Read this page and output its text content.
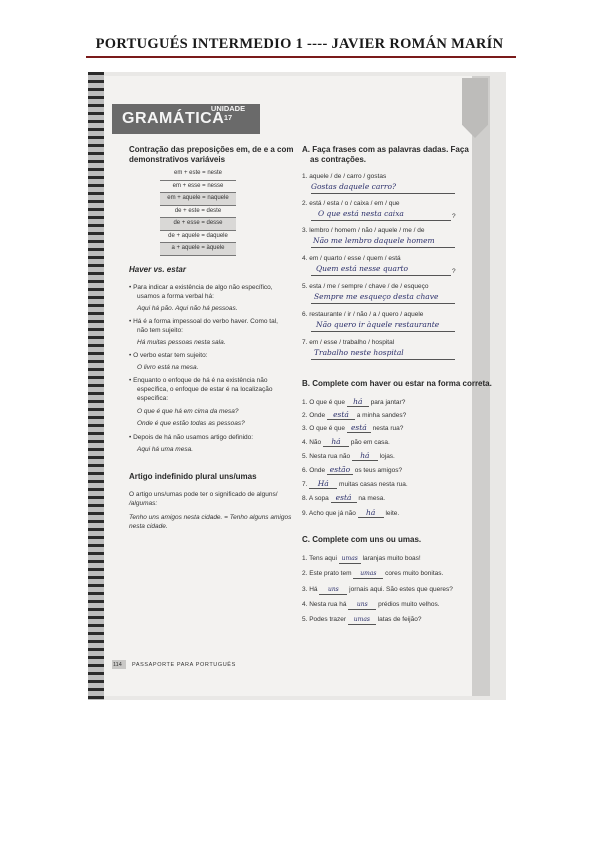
PORTUGUÉS INTERMEDIO 1 ---- JAVIER ROMÁN MARÍN
GRAMÁTICA
UNIDADE
17
Contração das preposições em, de e a com
demonstrativos variáveis
em + este = neste
em + esse = nesse
em + aquele = naquele
de + este = deste
de + esse = desse
de + aquele = daquele
a + aquele = àquele
Haver vs. estar
• Para indicar a existência de algo não específico,
usamos a forma verbal há:
Aqui há pão. Aqui não há pessoas.
• Há é a forma impessoal do verbo haver. Como tal,
não tem sujeito:
Há muitas pessoas nesta sala.
• O verbo estar tem sujeito:
O livro está na mesa.
• Enquanto o enfoque de há é na existência não
específica, o enfoque de estar é na localização
específica:
O que é que há em cima da mesa?
Onde é que estão todas as pessoas?
• Depois de há não usamos artigo definido:
Aqui há uma mesa.
Artigo indefinido plural uns/umas
O artigo uns/umas pode ter o significado de alguns/
/algumas:
Tenho uns amigos nesta cidade. = Tenho alguns amigos
nesta cidade.
114 PASSAPORTE PARA PORTUGUÊS
A. Faça frases com as palavras dadas. Faça
as contrações.
1. aquele / de / carro / gostas
Gostas daquele carro?
2. está / esta / o / caixa / em / que
O que está nesta caixa	?
3. lembro / homem / não / aquele / me / de
Não me lembro daquele homem
4. em / quarto / esse / quem / está
Quem está nesse quarto	?
5. esta / me / sempre / chave / de / esqueço
Sempre me esqueço desta chave
6. restaurante / ir / não / a / quero / aquele
Não quero ir àquele restaurante
7. em / esse / trabalho / hospital
Trabalho neste hospital
B. Complete com haver ou estar na forma correta.
1. O que é que há para jantar?
2. Onde está a minha sandes?
3. O que é que está nesta rua?
4. Não há pão em casa.
5. Nesta rua não há lojas.
6. Onde estão os teus amigos?
7. Há muitas casas nesta rua.
8. A sopa está na mesa.
9. Acho que já não há leite.
C. Complete com uns ou umas.
1. Tens aqui umas laranjas muito boas!
2. Este prato tem umas cores muito bonitas.
3. Há uns jornais aqui. São estes que queres?
4. Nesta rua há uns prédios muito velhos.
5. Podes trazer umas latas de feijão?
